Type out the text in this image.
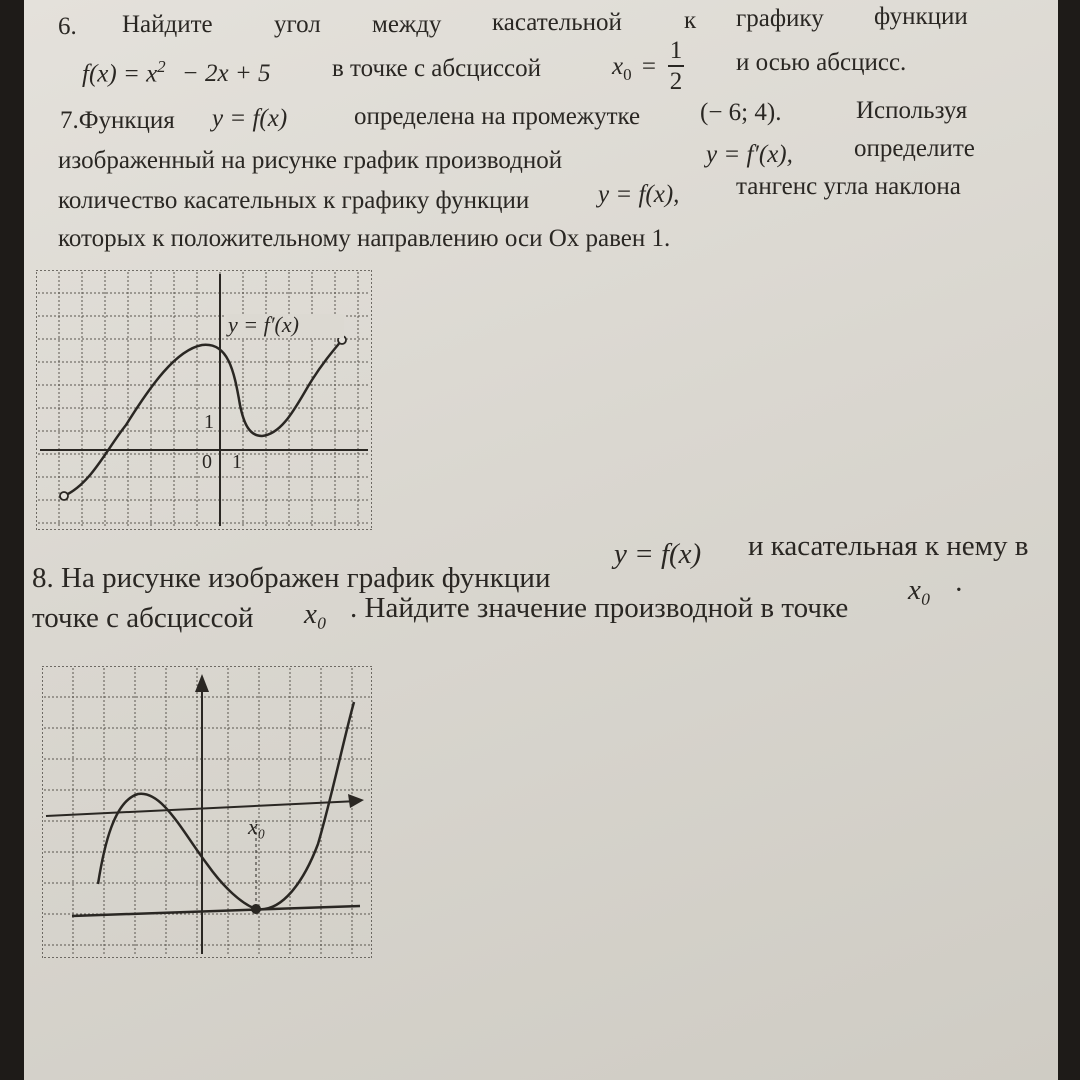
6. Найдите угол между касательной к графику функции
$f(x) = x^2 - 2x + 5$ в точке с абсциссой	$x_0$ =
1
2
и осью абсцисс.
7.Функция y = f(x)	определена на промежутке (− 6; 4).	Используя
изображенный на рисунке график производной	y = f′(x), определите
количество касательных к графику функции	y = f(x), тангенс угла наклона
которых к положительному направлению оси Ox равен 1.
y = f′(x)
0 1
1
8. На рисунке изображен график функции
y = f(x) и касательная к нему в
точке с абсциссой x₀ . Найдите значение производной в точке
x₀ ·
x₀
